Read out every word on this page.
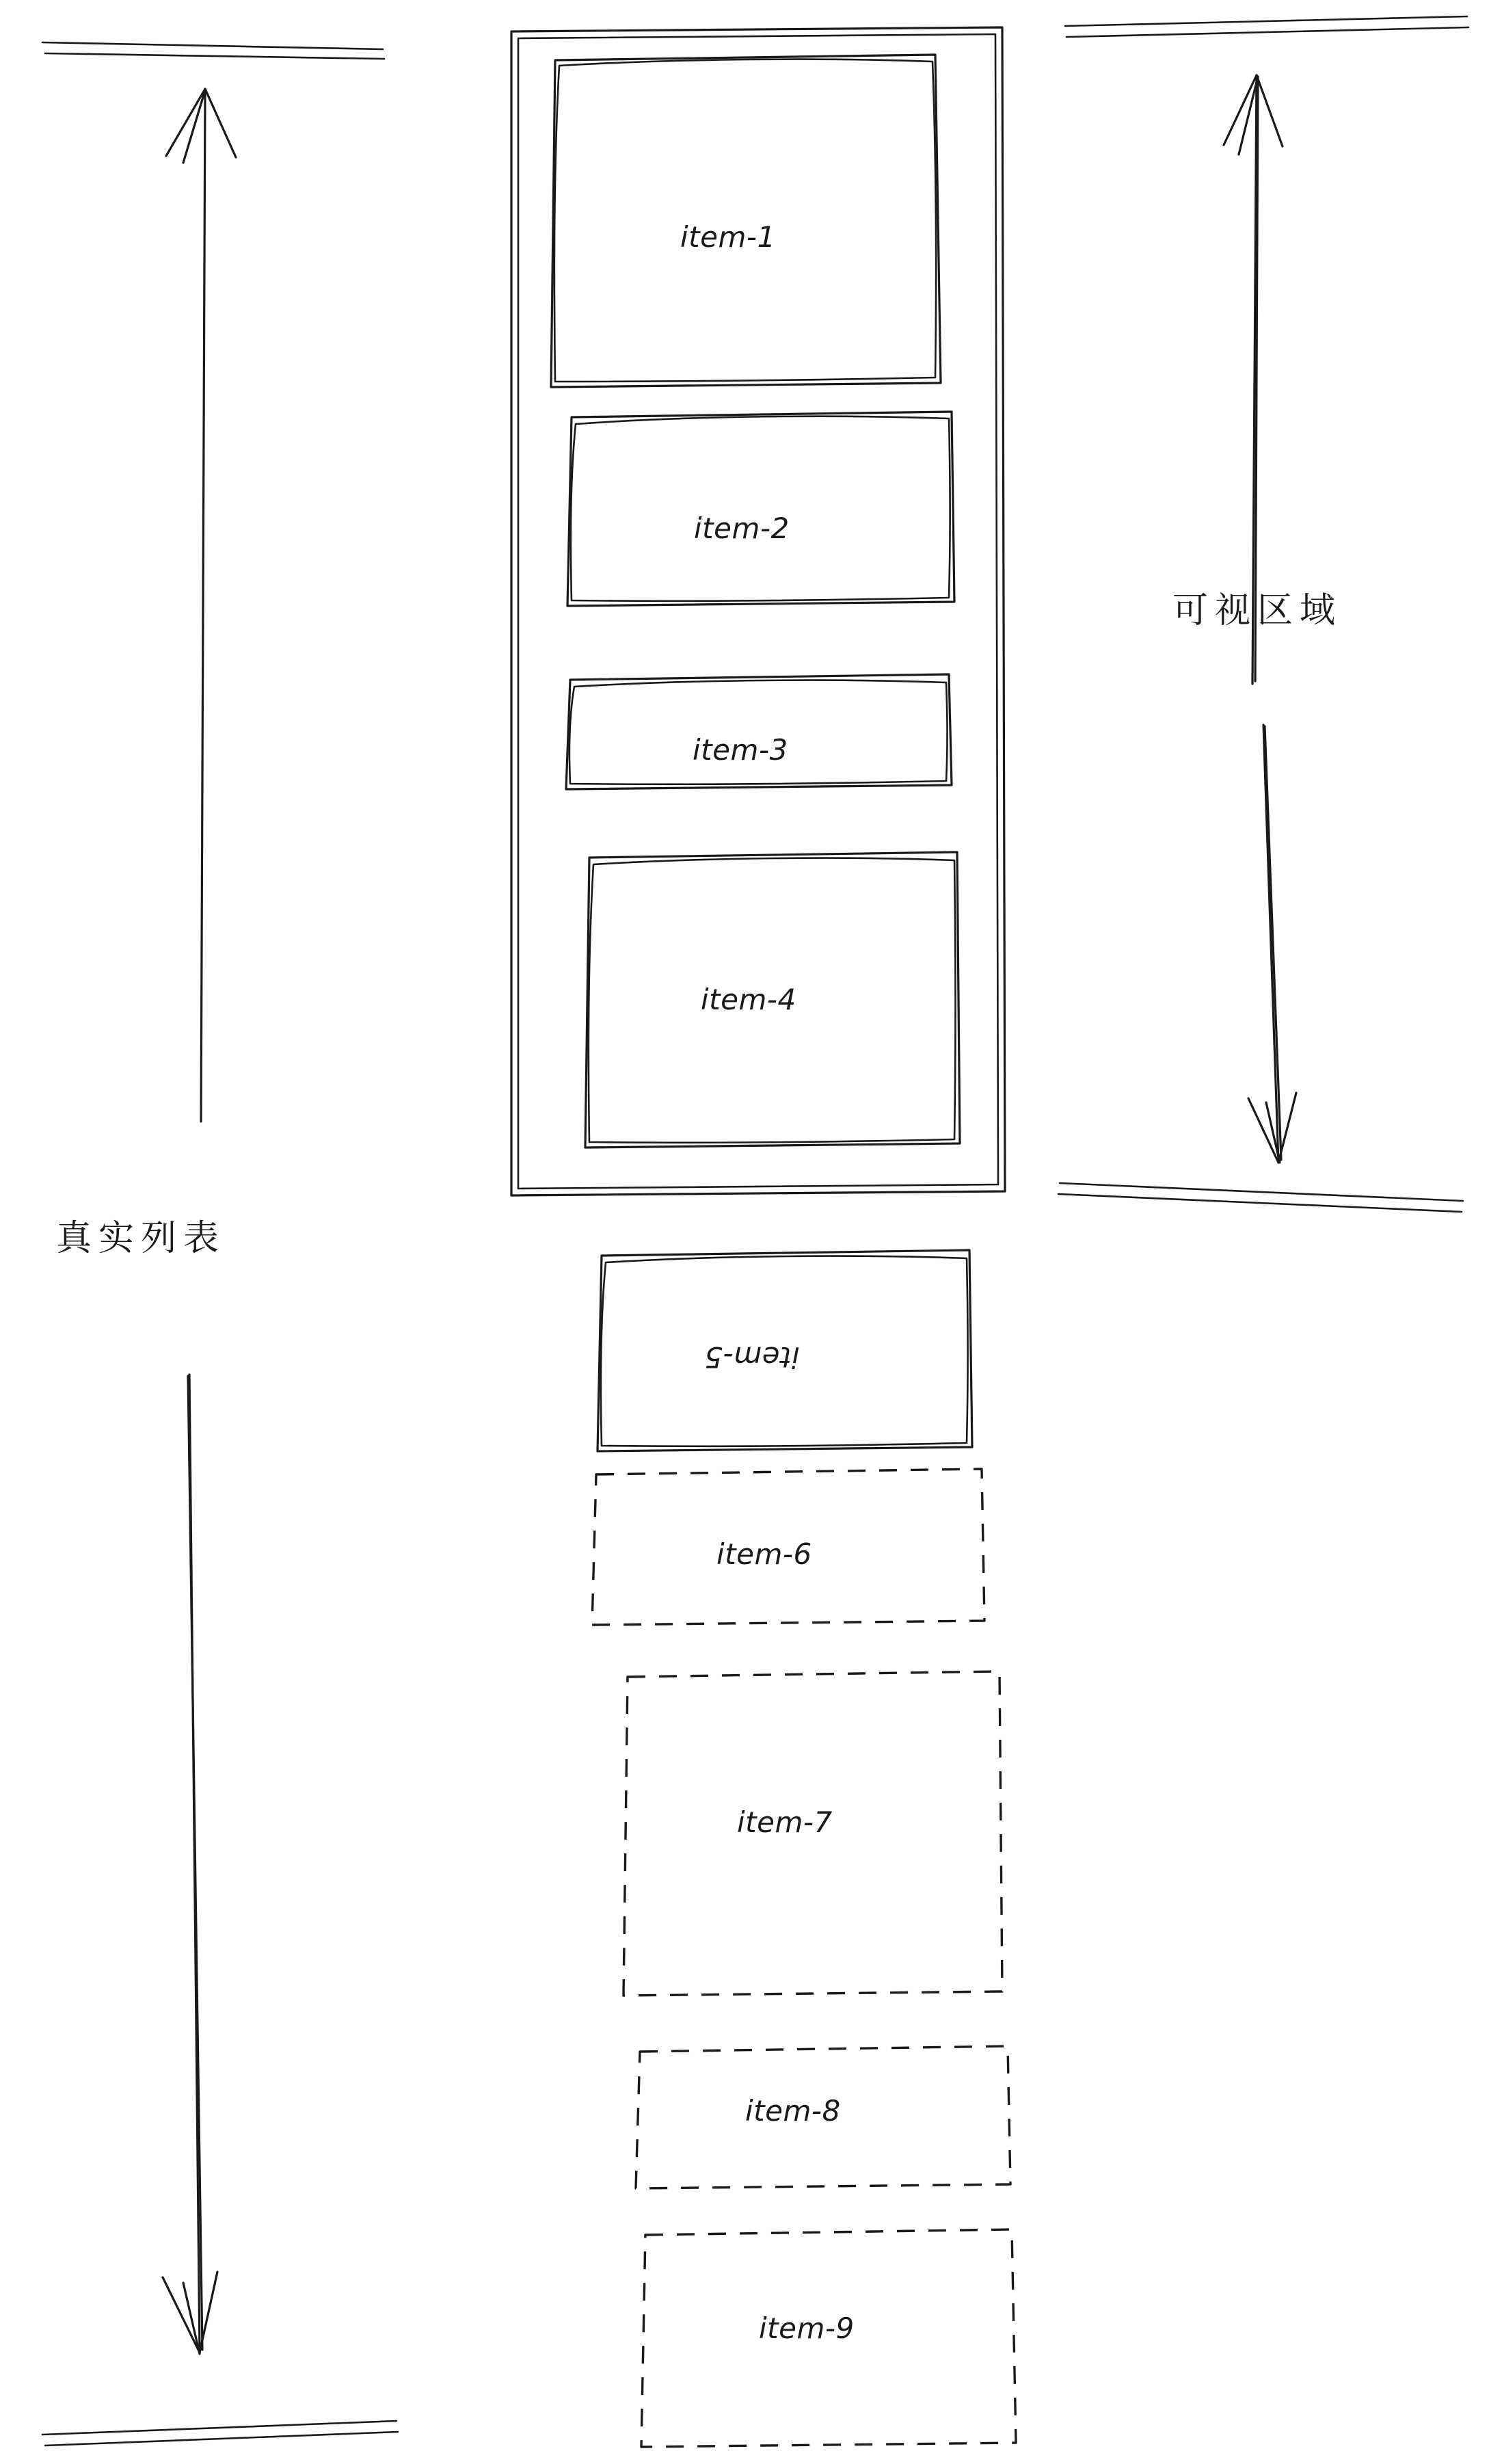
item-1
item-2
item-3
item-4
item-5
item-6
item-7
item-8
item-9
真实列表
可视区域
